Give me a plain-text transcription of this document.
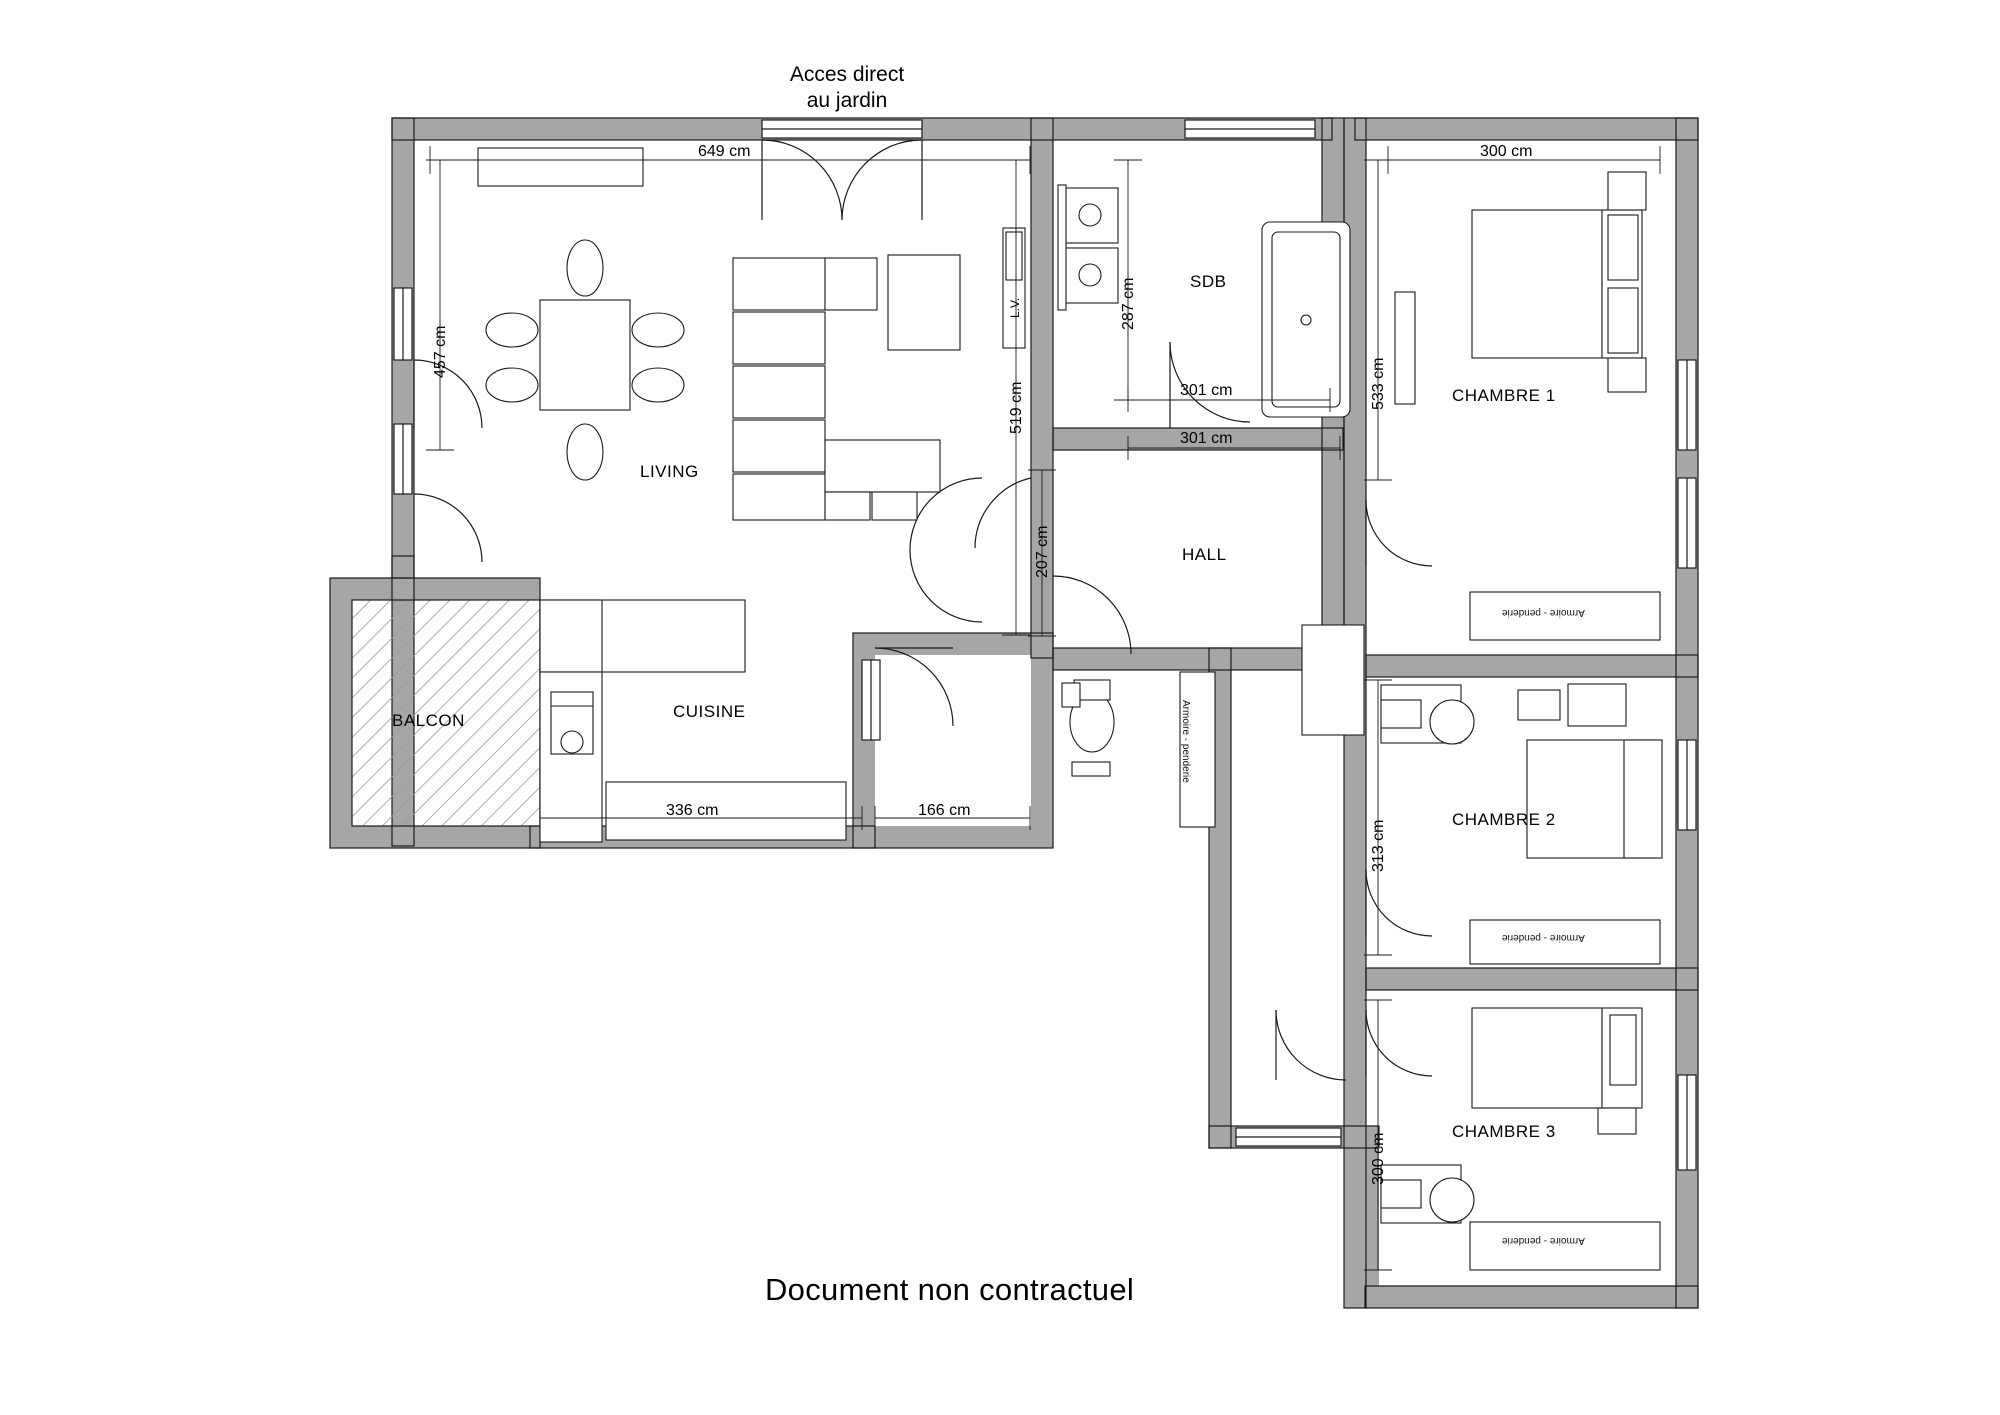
Acces direct
au jardin
LIVING
CUISINE
BALCON
SDB
HALL
CHAMBRE 1
CHAMBRE 2
CHAMBRE 3
Armoire - penderie
Armoire - penderie
Armoire - penderie
Armoire - penderie
L.V.
649 cm
457 cm
519 cm
287 cm
301 cm
301 cm
207 cm
336 cm	166 cm
300 cm
533 cm
313 cm
300 cm
Document non contractuel
